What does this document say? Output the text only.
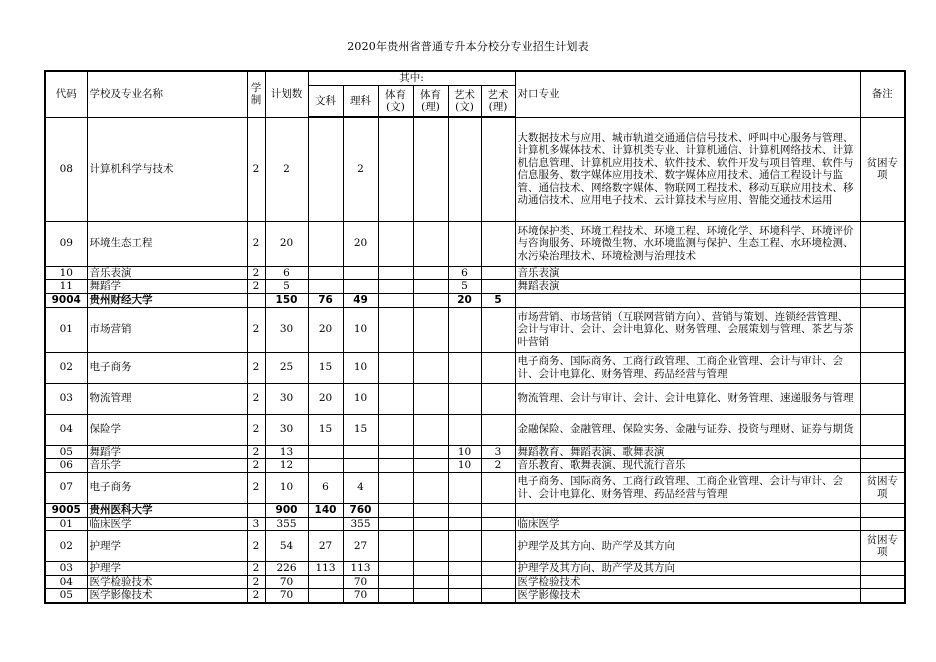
2020年贵州省普通专升本分校分专业招生计划表
代码	学校及专业名称	学制	计划数	其中:						对口专业	备注
				文科	理科	体育(文)	体育(理)	艺术(文)	艺术(理)		
08	计算机科学与技术	2	2		2					大数据技术与应用、城市轨道交通通信信号技术、呼叫中心服务与管理、计算机多媒体技术、计算机类专业、计算机通信、计算机网络技术、计算机信息管理、计算机应用技术、软件技术、软件开发与项目管理、软件与信息服务、数字媒体应用技术、数字媒体应用技术、通信工程设计与监管、通信技术、网络数字媒体、物联网工程技术、移动互联应用技术、移动通信技术、应用电子技术、云计算技术与应用、智能交通技术运用	贫困专项
09	环境生态工程	2	20		20					环境保护类、环境工程技术、环境工程、环境化学、环境科学、环境评价与咨询服务、环境微生物、水环境监测与保护、生态工程、水环境检测、水污染治理技术、环境检测与治理技术	
10	音乐表演	2	6					6		音乐表演	
11	舞蹈学	2	5					5		舞蹈表演	
9004	贵州财经大学		150	76	49			20	5		
01	市场营销	2	30	20	10					市场营销、市场营销（互联网营销方向）、营销与策划、连锁经营管理、会计与审计、会计、会计电算化、财务管理、会展策划与管理、茶艺与茶叶营销	
02	电子商务	2	25	15	10					电子商务、国际商务、工商行政管理、工商企业管理、会计与审计、会计、会计电算化、财务管理、药品经营与管理	
03	物流管理	2	30	20	10					物流管理、会计与审计、会计、会计电算化、财务管理、速递服务与管理	
04	保险学	2	30	15	15					金融保险、金融管理、保险实务、金融与证券、投资与理财、证券与期货	
05	舞蹈学	2	13					10	3	舞蹈教育、舞蹈表演、歌舞表演	
06	音乐学	2	12					10	2	音乐教育、歌舞表演、现代流行音乐	
07	电子商务	2	10	6	4					电子商务、国际商务、工商行政管理、工商企业管理、会计与审计、会计、会计电算化、财务管理、药品经营与管理	贫困专项
9005	贵州医科大学		900	140	760						
01	临床医学	3	355		355					临床医学	
02	护理学	2	54	27	27					护理学及其方向、助产学及其方向	贫困专项
03	护理学	2	226	113	113					护理学及其方向、助产学及其方向	
04	医学检验技术	2	70		70					医学检验技术	
05	医学影像技术	2	70		70					医学影像技术	
